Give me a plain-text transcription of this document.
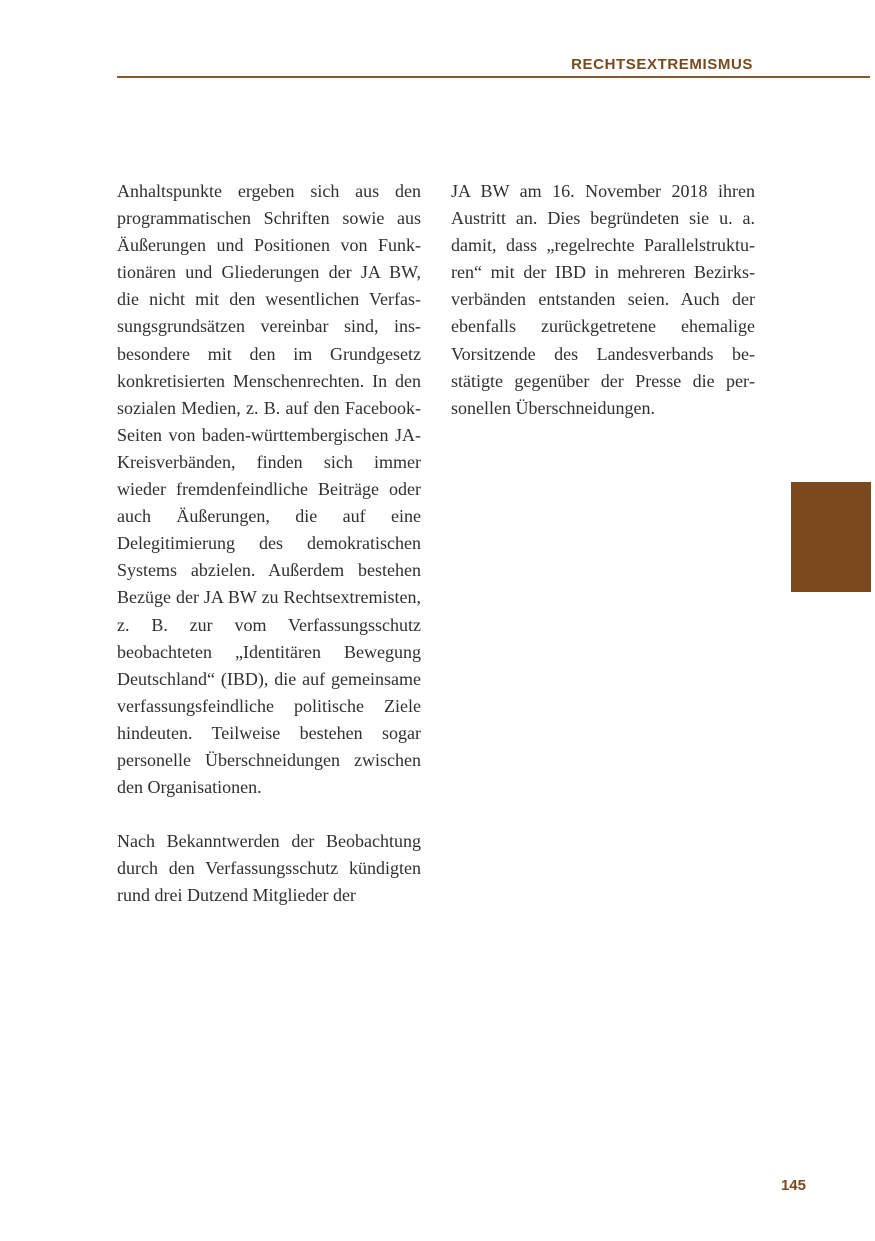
RECHTSEXTREMISMUS

Anhaltspunkte ergeben sich aus den programmatischen Schriften sowie aus Äußerungen und Positionen von Funktionären und Gliederungen der JA BW, die nicht mit den wesentlichen Verfassungsgrundsätzen vereinbar sind, insbesondere mit den im Grundgesetz konkretisierten Menschenrechten. In den sozialen Medien, z. B. auf den Facebook-Seiten von baden-württembergischen JA-Kreisverbänden, finden sich immer wieder fremdenfeindliche Beiträge oder auch Äußerungen, die auf eine Delegitimierung des demokratischen Systems abzielen. Außerdem bestehen Bezüge der JA BW zu Rechtsextremisten, z. B. zur vom Verfassungsschutz beobachteten „Identitären Bewegung Deutschland“ (IBD), die auf gemeinsame verfassungsfeindliche politische Ziele hindeuten. Teilweise bestehen sogar personelle Überschneidungen zwischen den Organisationen.

Nach Bekanntwerden der Beobachtung durch den Verfassungsschutz kündigten rund drei Dutzend Mitglieder der

JA BW am 16. November 2018 ihren Austritt an. Dies begründeten sie u. a. damit, dass „regelrechte Parallelstrukturen“ mit der IBD in mehreren Bezirksverbänden entstanden seien. Auch der ebenfalls zurückgetretene ehemalige Vorsitzende des Landesverbands bestätigte gegenüber der Presse die personellen Überschneidungen.

145
